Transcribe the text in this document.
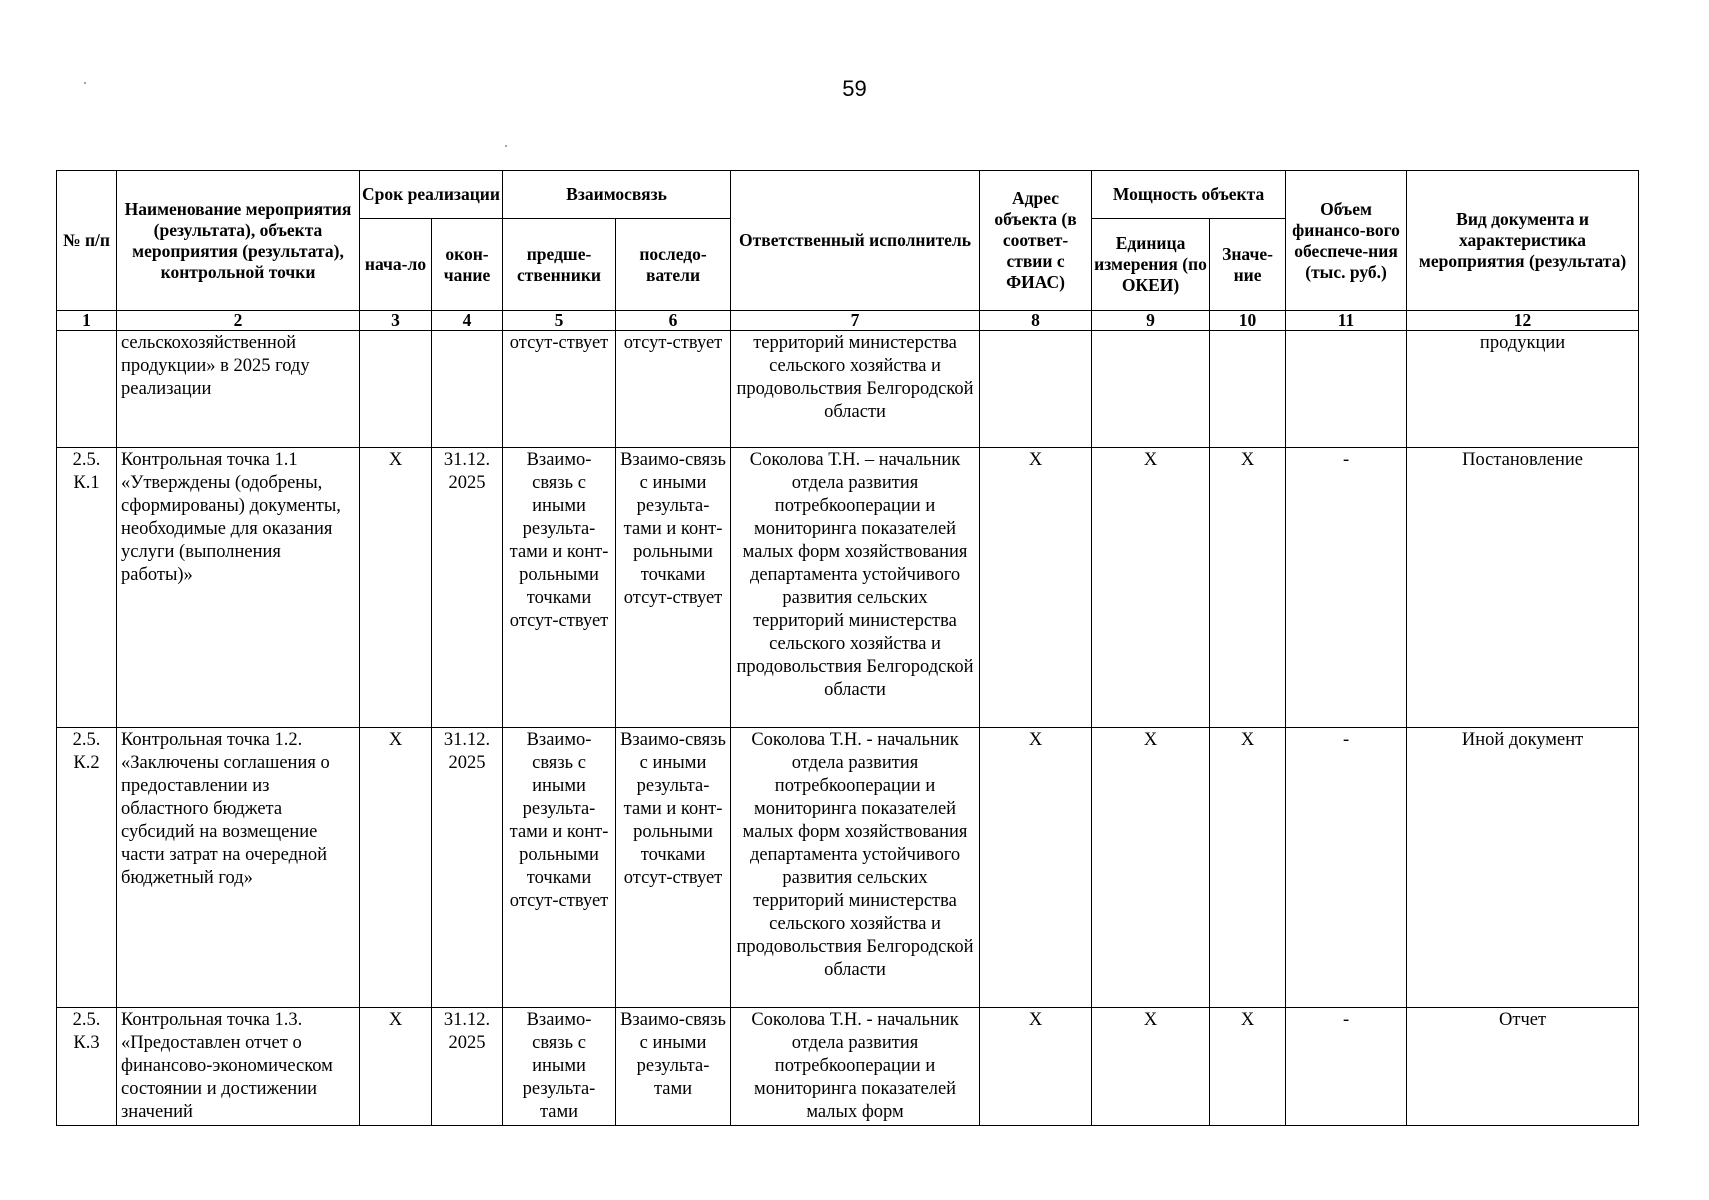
59
№ п/п	Наименование мероприятия (результата), объекта мероприятия (результата), контрольной точки	Срок реализации		Взаимосвязь		Ответственный исполнитель	Адрес объекта (в соответ-ствии с ФИАС)	Мощность объекта		Объем финансо-вого обеспече-ния (тыс. руб.)	Вид документа и характеристика мероприятия (результата)
		нача-ло	окон-чание	предше-ственники	последо-ватели			Единица измерения (по ОКЕИ)	Значе-ние		
1	2	3	4	5	6	7	8	9	10	11	12
	сельскохозяйственной продукции» в 2025 году реализации			отсут-ствует	отсут-ствует	территорий министерства сельского хозяйства и продовольствия Белгородской области					продукции
2.5. К.1	Контрольная точка 1.1 «Утверждены (одобрены, сформированы) документы, необходимые для оказания услуги (выполнения работы)»	X	31.12. 2025	Взаимо-связь с иными результа-тами и конт-рольными точками отсут-ствует	Взаимо-связь с иными результа-тами и конт-рольными точками отсут-ствует	Соколова Т.Н. – начальник отдела развития потребкооперации и мониторинга показателей малых форм хозяйствования департамента устойчивого развития сельских территорий министерства сельского хозяйства и продовольствия Белгородской области	X	X	X	-	Постановление
2.5. К.2	Контрольная точка 1.2. «Заключены соглашения о предоставлении из областного бюджета субсидий на возмещение части затрат на очередной бюджетный год»	X	31.12. 2025	Взаимо-связь с иными результа-тами и конт-рольными точками отсут-ствует	Взаимо-связь с иными результа-тами и конт-рольными точками отсут-ствует	Соколова Т.Н. - начальник отдела развития потребкооперации и мониторинга показателей малых форм хозяйствования департамента устойчивого развития сельских территорий министерства сельского хозяйства и продовольствия Белгородской области	X	X	X	-	Иной документ
2.5. К.3	Контрольная точка 1.3. «Предоставлен отчет о финансово-экономическом состоянии и достижении значений	X	31.12. 2025	Взаимо-связь с иными результа-тами	Взаимо-связь с иными результа-тами	Соколова Т.Н. - начальник отдела развития потребкооперации и мониторинга показателей малых форм	X	X	X	-	Отчет
